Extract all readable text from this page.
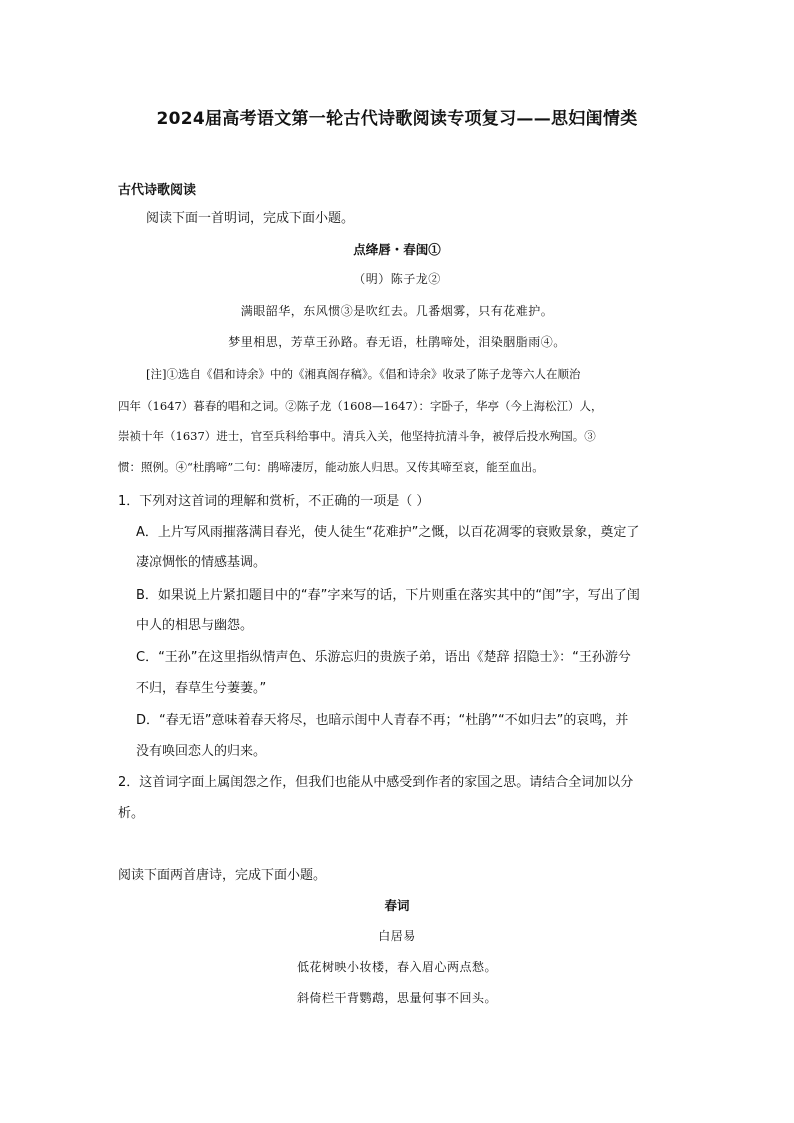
2024届高考语文第一轮古代诗歌阅读专项复习——思妇闺情类
古代诗歌阅读
阅读下面一首明词，完成下面小题。
点绛唇・春闺①
（明）陈子龙②
满眼韶华，东风惯③是吹红去。几番烟雾，只有花难护。
梦里相思，芳草王孙路。春无语，杜鹃啼处，泪染胭脂雨④。
[注]①选自《倡和诗余》中的《湘真阁存稿》。《倡和诗余》收录了陈子龙等六人在顺治
四年（1647）暮春的唱和之词。②陈子龙（1608—1647）：字卧子，华亭（今上海松江）人，
崇祯十年（1637）进士，官至兵科给事中。清兵入关，他坚持抗清斗争，被俘后投水殉国。③
惯：照例。④“杜鹃啼”二句：鹃啼凄厉，能动旅人归思。又传其啼至哀，能至血出。
1．下列对这首词的理解和赏析，不正确的一项是（ ）
A．上片写风雨摧落满目春光，使人徒生“花难护”之慨，以百花凋零的衰败景象，奠定了
凄凉惆怅的情感基调。
B．如果说上片紧扣题目中的“春”字来写的话，下片则重在落实其中的“闺”字，写出了闺
中人的相思与幽怨。
C．“王孙”在这里指纵情声色、乐游忘归的贵族子弟，语出《楚辞 招隐士》：“王孙游兮
不归，春草生兮萋萋。”
D．“春无语”意味着春天将尽，也暗示闺中人青春不再；“杜鹃”“不如归去”的哀鸣，并
没有唤回恋人的归来。
2．这首词字面上属闺怨之作，但我们也能从中感受到作者的家国之思。请结合全词加以分
析。
阅读下面两首唐诗，完成下面小题。
春词
白居易
低花树映小妆楼，春入眉心两点愁。
斜倚栏干背鹦鹉，思量何事不回头。
